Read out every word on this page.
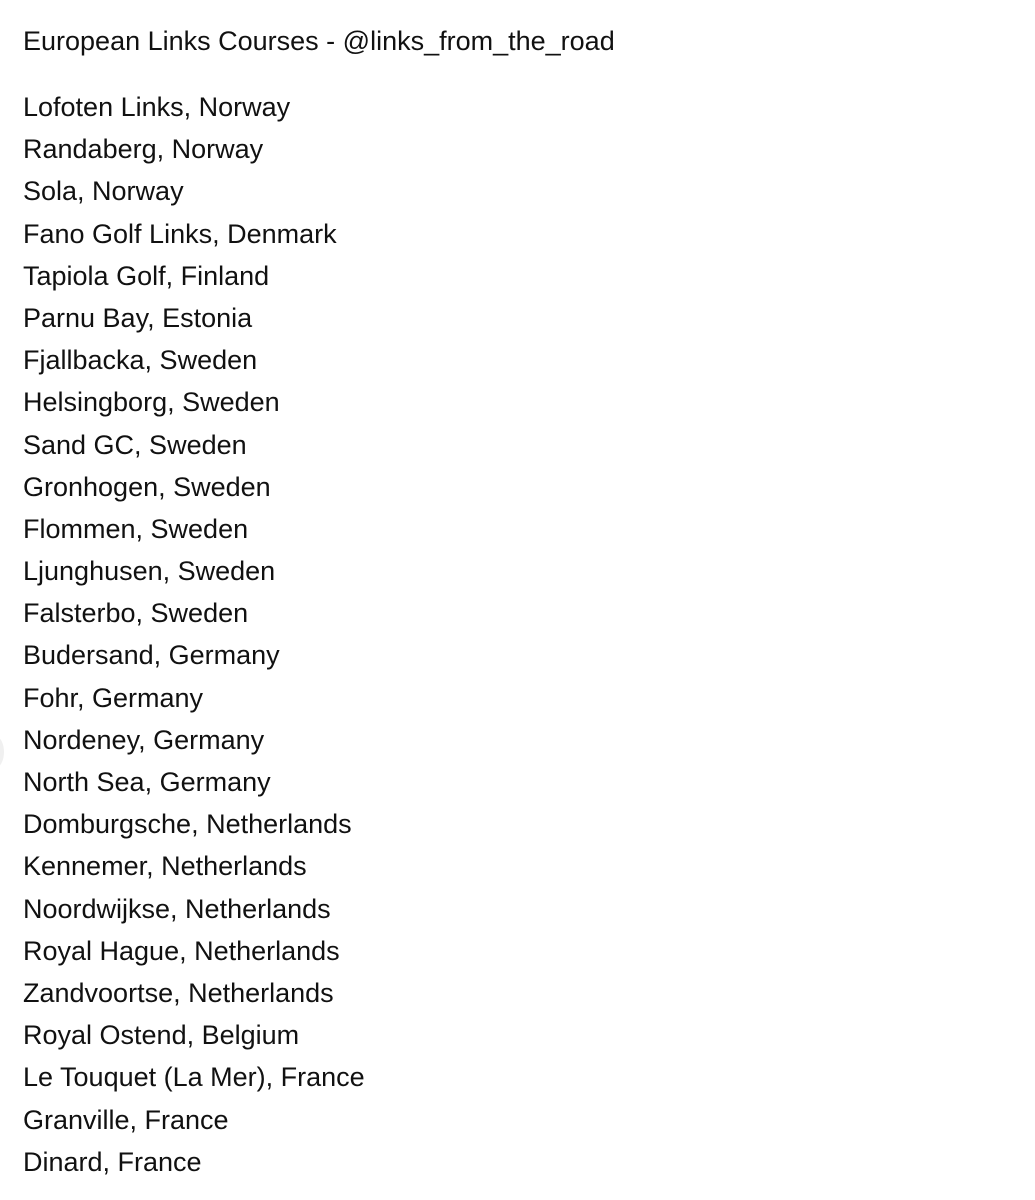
European Links Courses - @links_from_the_road
Lofoten Links, Norway
Randaberg, Norway
Sola, Norway
Fano Golf Links, Denmark
Tapiola Golf, Finland
Parnu Bay, Estonia
Fjallbacka, Sweden
Helsingborg, Sweden
Sand GC, Sweden
Gronhogen, Sweden
Flommen, Sweden
Ljunghusen, Sweden
Falsterbo, Sweden
Budersand, Germany
Fohr, Germany
Nordeney, Germany
North Sea, Germany
Domburgsche, Netherlands
Kennemer, Netherlands
Noordwijkse, Netherlands
Royal Hague, Netherlands
Zandvoortse, Netherlands
Royal Ostend, Belgium
Le Touquet (La Mer), France
Granville, France
Dinard, France
